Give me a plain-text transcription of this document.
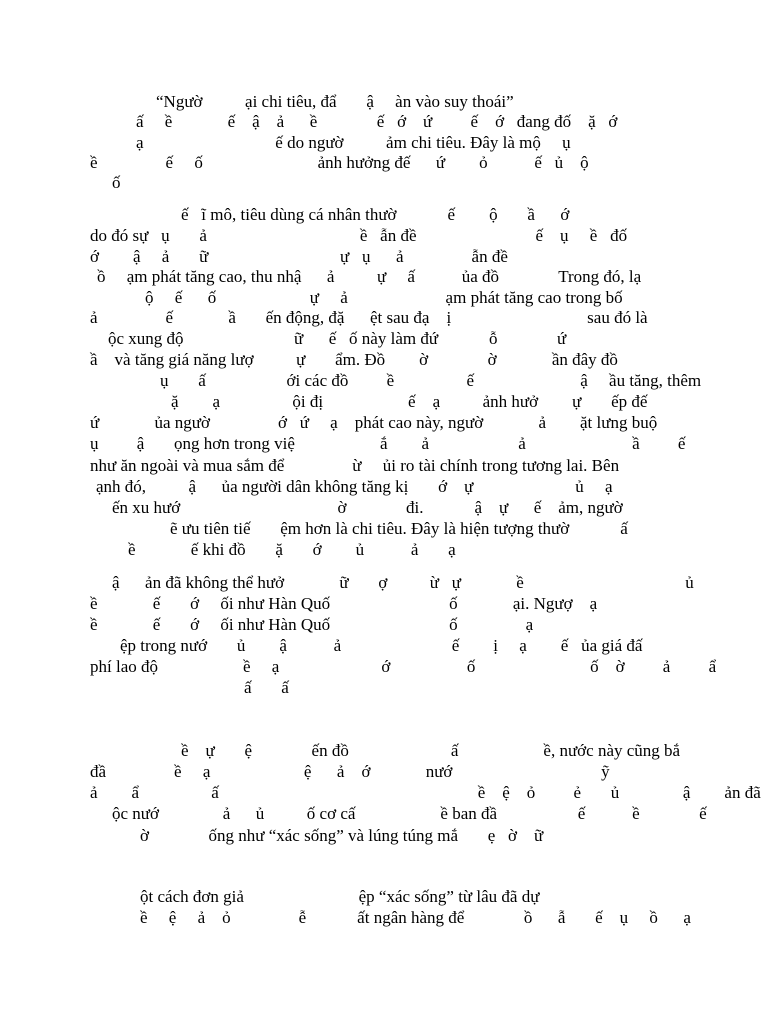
“Ngườ          ại chi tiêu, đẩ       ậ     àn vào suy thoái”
ấ     ề             ế    ậ    ả      ề              ế   ớ    ứ         ế    ớ   đang đố    ặ   ớ
ạ                               ế do ngườ          ảm chi tiêu. Đây là mộ     ụ
ề                ế     ố                           ảnh hưởng đế      ứ        ỏ           ế   ủ    ộ
ố
ế   ĩ mô, tiêu dùng cá nhân thườ            ế        ộ       ầ      ớ
do đó sự   ụ       ả                                    ề   ẫn đề                            ế    ụ     ề   đố
ớ        ậ     ả       ữ                               ự   ụ      ả                ẫn đề
ồ     ạm phát tăng cao, thu nhậ      ả          ự     ấ           ủa đồ              Trong đó, lạ
ộ     ế      ố                      ự     ả                       ạm phát tăng cao trong bố
ả                ế             ầ       ến động, đặ      ệt sau đạ    ị                                sau đó là
ộc xung độ                          ữ      ế   ố này làm đứ            ỗ              ứ
ầ    và tăng giá năng lượ          ự       ẩm. Đồ        ờ              ờ             ần đây đồ
ụ       ấ                   ới các đồ         ề                 ế                         ậ     ầu tăng, thêm
ặ        ạ                 ội đị                    ế    ạ          ảnh hưở        ự       ếp đế
ứ             ủa ngườ                ớ   ứ     ạ    phát cao này, ngườ             ả        ặt lưng buộ
ụ         ậ       ọng hơn trong việ                    ắ        ả                     ả                         ầ         ế
như ăn ngoài và mua sắm để                ừ     ủi ro tài chính trong tương lai. Bên
ạnh đó,          ậ      ủa người dân không tăng kị       ớ    ự                        ủ     ạ
ến xu hướ                                     ờ              đi.            ậ    ự      ế    ảm, ngườ
ẽ ưu tiên tiế       ệm hơn là chi tiêu. Đây là hiện tượng thườ            ấ
ề             ế khi đồ       ặ       ớ        ủ           ả       ạ
ậ      ản đã không thể hưở             ữ       ợ          ừ   ự             ề                                      ủ
ề             ế       ớ     ối như Hàn Quố                            ố             ại. Ngượ    ạ
ề             ế       ớ     ối như Hàn Quố                            ố                ạ
ệp trong nướ       ủ        ậ           ả                          ế        ị     ạ        ế   ủa giá đấ
phí lao độ                    ề     ạ                        ớ                  ố                           ố    ờ         ả         ẩ
ấ       ấ
ề    ự       ệ              ến đồ                        ấ                    ề, nước này cũng bắ
đầ                ề     ạ                      ệ      ả    ớ             nướ                                   ỹ
ả        ẩ                 ấ                                                             ề    ệ    ỏ         ẻ       ủ               ậ        ản đã
ộc nướ               ả      ủ          ố cơ cấ                    ề ban đầ                   ế           ề              ế
ờ              ống như “xác sống” và lúng túng mắ       ẹ   ờ    ữ
ột cách đơn giả                           ệp “xác sống” từ lâu đã dự
ề     ệ     ả    ỏ                ễ            ất ngân hàng để              ồ      ẫ       ế    ụ     ồ      ạ
